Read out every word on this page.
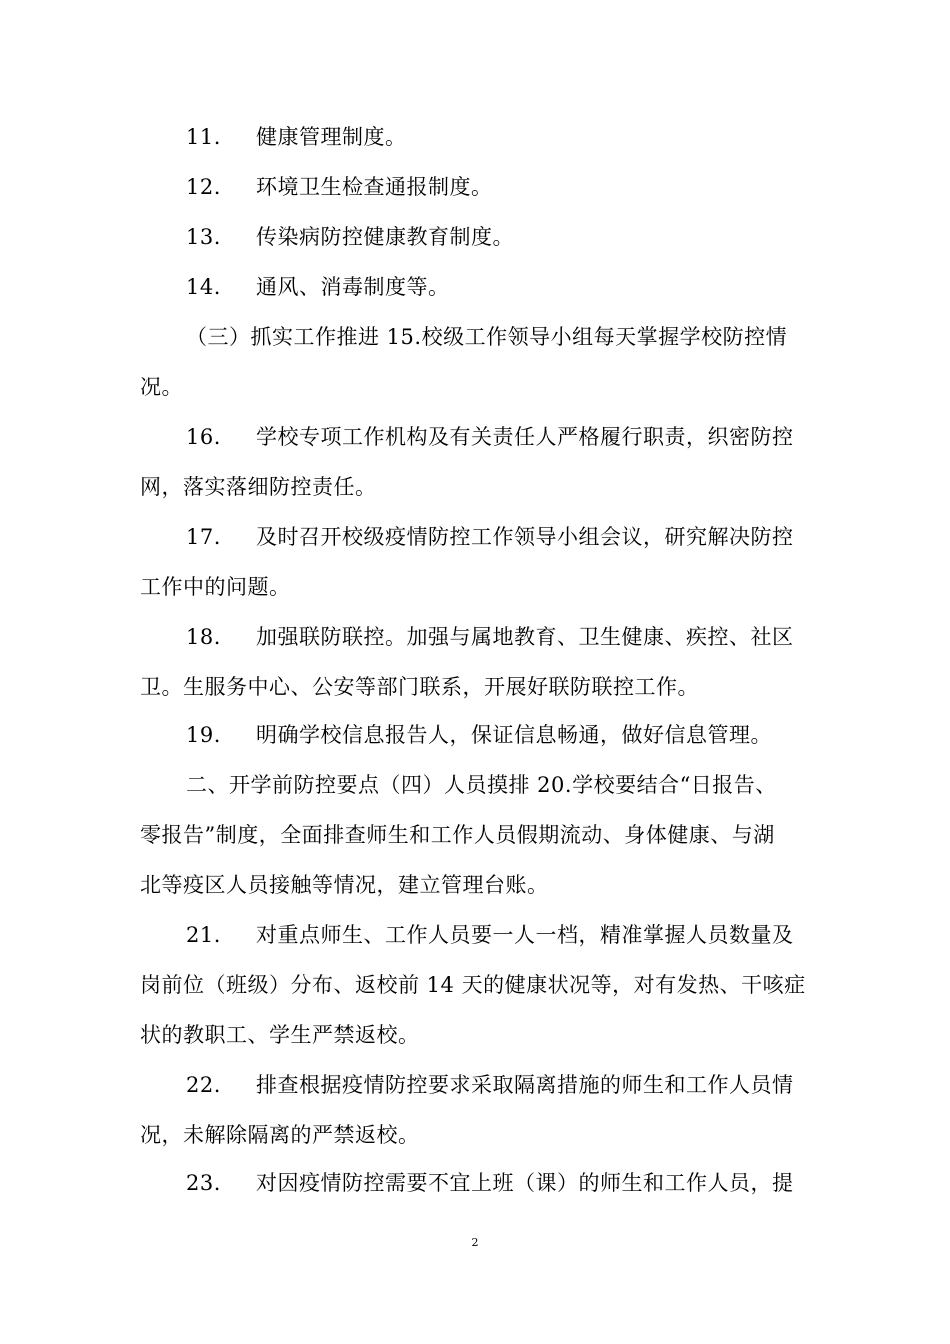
11. 健康管理制度。
12. 环境卫生检查通报制度。
13. 传染病防控健康教育制度。
14. 通风、消毒制度等。
（三）抓实工作推进 15.校级工作领导小组每天掌握学校防控情
况。
16. 学校专项工作机构及有关责任人严格履行职责，织密防控
网，落实落细防控责任。
17. 及时召开校级疫情防控工作领导小组会议，研究解决防控
工作中的问题。
18. 加强联防联控。加强与属地教育、卫生健康、疾控、社区
卫。生服务中心、公安等部门联系，开展好联防联控工作。
19. 明确学校信息报告人，保证信息畅通，做好信息管理。
二、开学前防控要点（四）人员摸排 20.学校要结合“日报告、
零报告”制度，全面排查师生和工作人员假期流动、身体健康、与湖
北等疫区人员接触等情况，建立管理台账。
21. 对重点师生、工作人员要一人一档，精准掌握人员数量及
岗前位（班级）分布、返校前 14 天的健康状况等，对有发热、干咳症
状的教职工、学生严禁返校。
22. 排查根据疫情防控要求采取隔离措施的师生和工作人员情
况，未解除隔离的严禁返校。
23. 对因疫情防控需要不宜上班（课）的师生和工作人员，提
2
